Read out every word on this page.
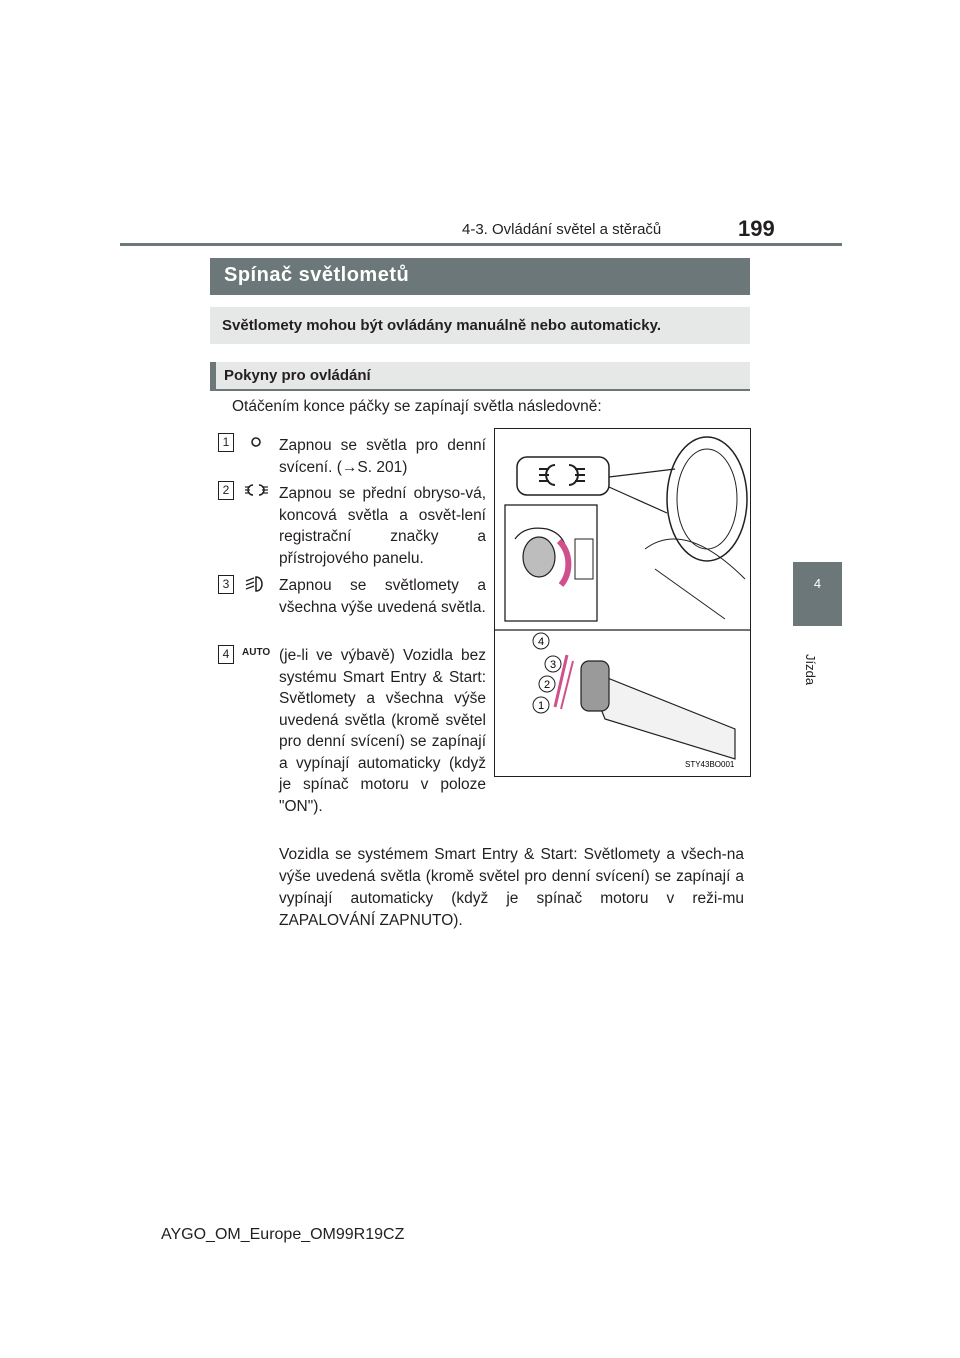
4-3. Ovládání světel a stěračů	199
4
Jízda
Spínač světlometů
Světlomety mohou být ovládány manuálně nebo automaticky.
Pokyny pro ovládání
Otáčením konce páčky se zapínají světla následovně:
1	Zapnou se světla pro denní svícení. (→S. 201)
2	Zapnou se přední obryso-vá, koncová světla a osvět-lení registrační značky a přístrojového panelu.
3	Zapnou se světlomety a všechna výše uvedená světla.
4	AUTO (je-li ve výbavě) Vozidla bez systému Smart Entry & Start: Světlomety a všechna výše uvedená světla (kromě světel pro denní svícení) se zapínají a vypínají automaticky (když je spínač motoru v poloze "ON").
4
3
2
1
STY43BO001
Vozidla se systémem Smart Entry & Start: Světlomety a všech-na výše uvedená světla (kromě světel pro denní svícení) se zapínají a vypínají automaticky (když je spínač motoru v reži-mu ZAPALOVÁNÍ ZAPNUTO).
AYGO_OM_Europe_OM99R19CZ
